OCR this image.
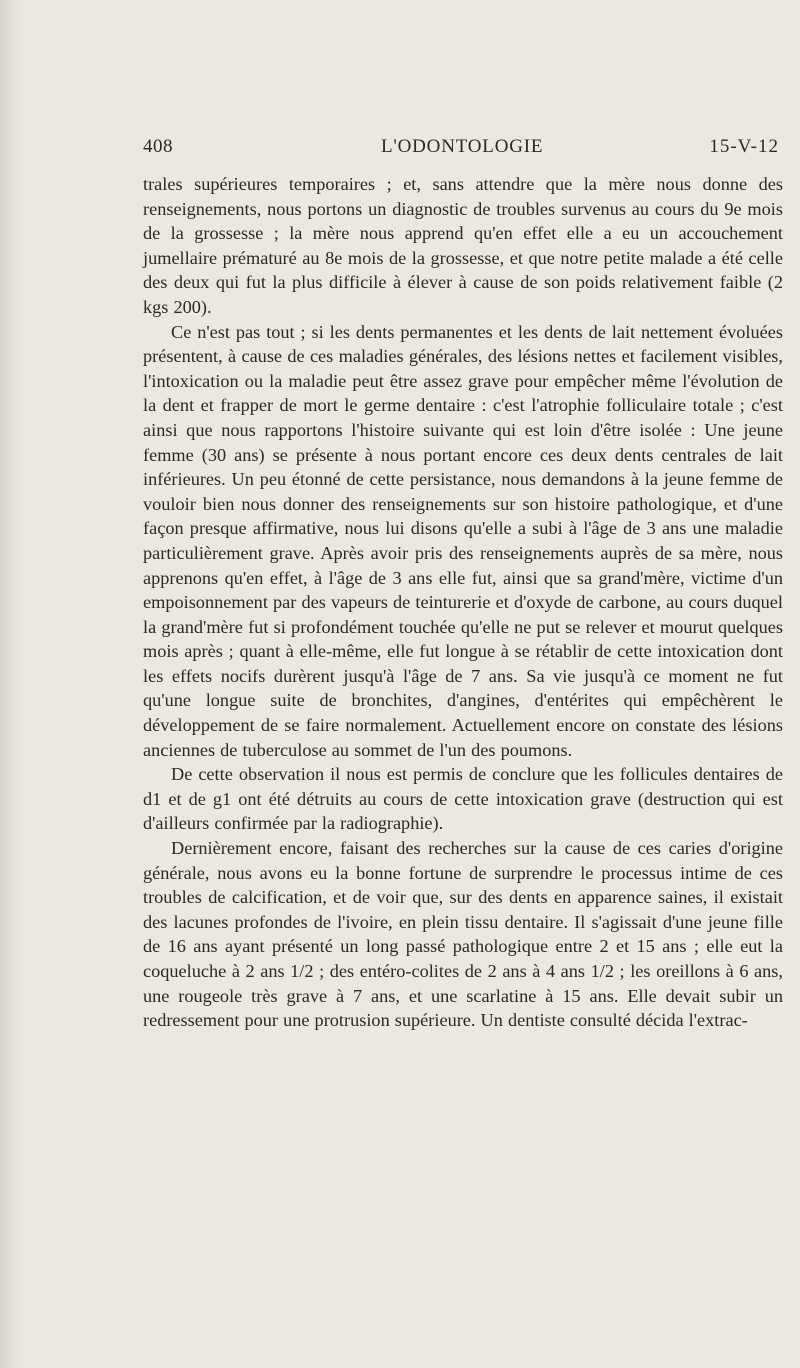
408	L'ODONTOLOGIE	15-V-12

trales supérieures temporaires ; et, sans attendre que la mère nous donne des renseignements, nous portons un diagnostic de troubles survenus au cours du 9e mois de la grossesse ; la mère nous apprend qu'en effet elle a eu un accouchement jumellaire prématuré au 8e mois de la grossesse, et que notre petite malade a été celle des deux qui fut la plus difficile à élever à cause de son poids relativement faible (2 kgs 200).

Ce n'est pas tout ; si les dents permanentes et les dents de lait nettement évoluées présentent, à cause de ces maladies générales, des lésions nettes et facilement visibles, l'intoxication ou la maladie peut être assez grave pour empêcher même l'évolution de la dent et frapper de mort le germe dentaire : c'est l'atrophie folliculaire totale ; c'est ainsi que nous rapportons l'histoire suivante qui est loin d'être isolée : Une jeune femme (30 ans) se présente à nous portant encore ces deux dents centrales de lait inférieures. Un peu étonné de cette persistance, nous demandons à la jeune femme de vouloir bien nous donner des renseignements sur son histoire pathologique, et d'une façon presque affirmative, nous lui disons qu'elle a subi à l'âge de 3 ans une maladie particulièrement grave. Après avoir pris des renseignements auprès de sa mère, nous apprenons qu'en effet, à l'âge de 3 ans elle fut, ainsi que sa grand'mère, victime d'un empoisonnement par des vapeurs de teinturerie et d'oxyde de carbone, au cours duquel la grand'mère fut si profondément touchée qu'elle ne put se relever et mourut quelques mois après ; quant à elle-même, elle fut longue à se rétablir de cette intoxication dont les effets nocifs durèrent jusqu'à l'âge de 7 ans. Sa vie jusqu'à ce moment ne fut qu'une longue suite de bronchites, d'angines, d'entérites qui empêchèrent le développement de se faire normalement. Actuellement encore on constate des lésions anciennes de tuberculose au sommet de l'un des poumons.

De cette observation il nous est permis de conclure que les follicules dentaires de d1 et de g1 ont été détruits au cours de cette intoxication grave (destruction qui est d'ailleurs confirmée par la radiographie).

Dernièrement encore, faisant des recherches sur la cause de ces caries d'origine générale, nous avons eu la bonne fortune de surprendre le processus intime de ces troubles de calcification, et de voir que, sur des dents en apparence saines, il existait des lacunes profondes de l'ivoire, en plein tissu dentaire. Il s'agissait d'une jeune fille de 16 ans ayant présenté un long passé pathologique entre 2 et 15 ans ; elle eut la coqueluche à 2 ans 1/2 ; des entéro-colites de 2 ans à 4 ans 1/2 ; les oreillons à 6 ans, une rougeole très grave à 7 ans, et une scarlatine à 15 ans. Elle devait subir un redressement pour une protrusion supérieure. Un dentiste consulté décida l'extrac-
